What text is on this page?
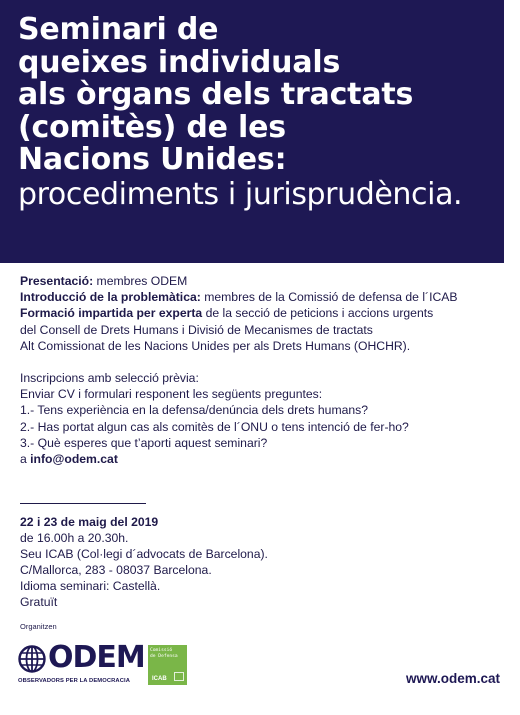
Seminari de
queixes individuals
als òrgans dels tractats
(comitès) de les
Nacions Unides:
procediments i jurisprudència.
Presentació: membres ODEM
Introducció de la problemàtica: membres de la Comissió de defensa de l´ICAB
Formació impartida per experta de la secció de peticions i accions urgents
del Consell de Drets Humans i Divisió de Mecanismes de tractats
Alt Comissionat de les Nacions Unides per als Drets Humans (OHCHR).
Inscripcions amb selecció prèvia:
Enviar CV i formulari responent les següents preguntes:
1.- Tens experiència en la defensa/denúncia dels drets humans?
2.- Has portat algun cas als comitès de l´ONU o tens intenció de fer-ho?
3.- Què esperes que t’aporti aquest seminari?
a info@odem.cat
22 i 23 de maig del 2019
de 16.00h a 20.30h.
Seu ICAB (Col·legi d´advocats de Barcelona).
C/Mallorca, 283 - 08037 Barcelona.
Idioma seminari: Castellà.
Gratuït
Organitzen
ODEM
OBSERVADORS PER LA DEMOCRACIA
Comissió
de Defensa
ICAB	www.odem.cat
